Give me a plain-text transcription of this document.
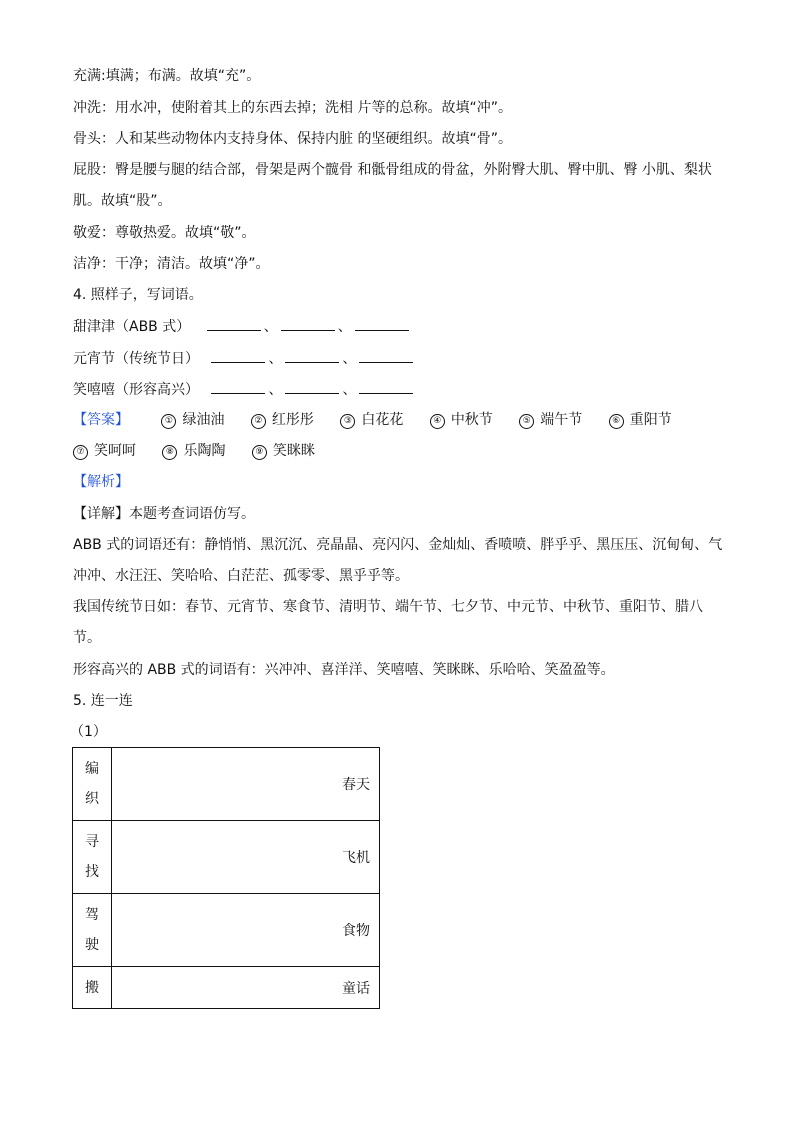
充满:填满；布满。故填“充”。
冲洗：用水冲，使附着其上的东西去掉；洗相 片等的总称。故填“冲”。
骨头：人和某些动物体内支持身体、保持内脏 的坚硬组织。故填“骨”。
屁股：臀是腰与腿的结合部，骨架是两个髋骨 和骶骨组成的骨盆，外附臀大肌、臀中肌、臀 小肌、梨状
肌。故填“股”。
敬爱：尊敬热爱。故填“敬”。
洁净：干净；清洁。故填“净”。
4. 照样子，写词语。
甜津津（ABB 式）	、	、
元宵节（传统节日）	、	、
笑嘻嘻（形容高兴）	、	、
【答案】	① 绿油油	② 红彤彤	③ 白花花	④ 中秋节	⑤ 端午节	⑥ 重阳节
⑦ 笑呵呵	⑧ 乐陶陶	⑨ 笑眯眯
【解析】
【详解】本题考查词语仿写。
ABB 式的词语还有：静悄悄、黑沉沉、亮晶晶、亮闪闪、金灿灿、香喷喷、胖乎乎、黑压压、沉甸甸、气
冲冲、水汪汪、笑哈哈、白茫茫、孤零零、黑乎乎等。
我国传统节日如：春节、元宵节、寒食节、清明节、端午节、七夕节、中元节、中秋节、重阳节、腊八
节。
形容高兴的 ABB 式的词语有：兴冲冲、喜洋洋、笑嘻嘻、笑眯眯、乐哈哈、笑盈盈等。
5. 连一连
（1）
编
织	春天

寻
找	飞机

驾
驶	食物

搬	童话
